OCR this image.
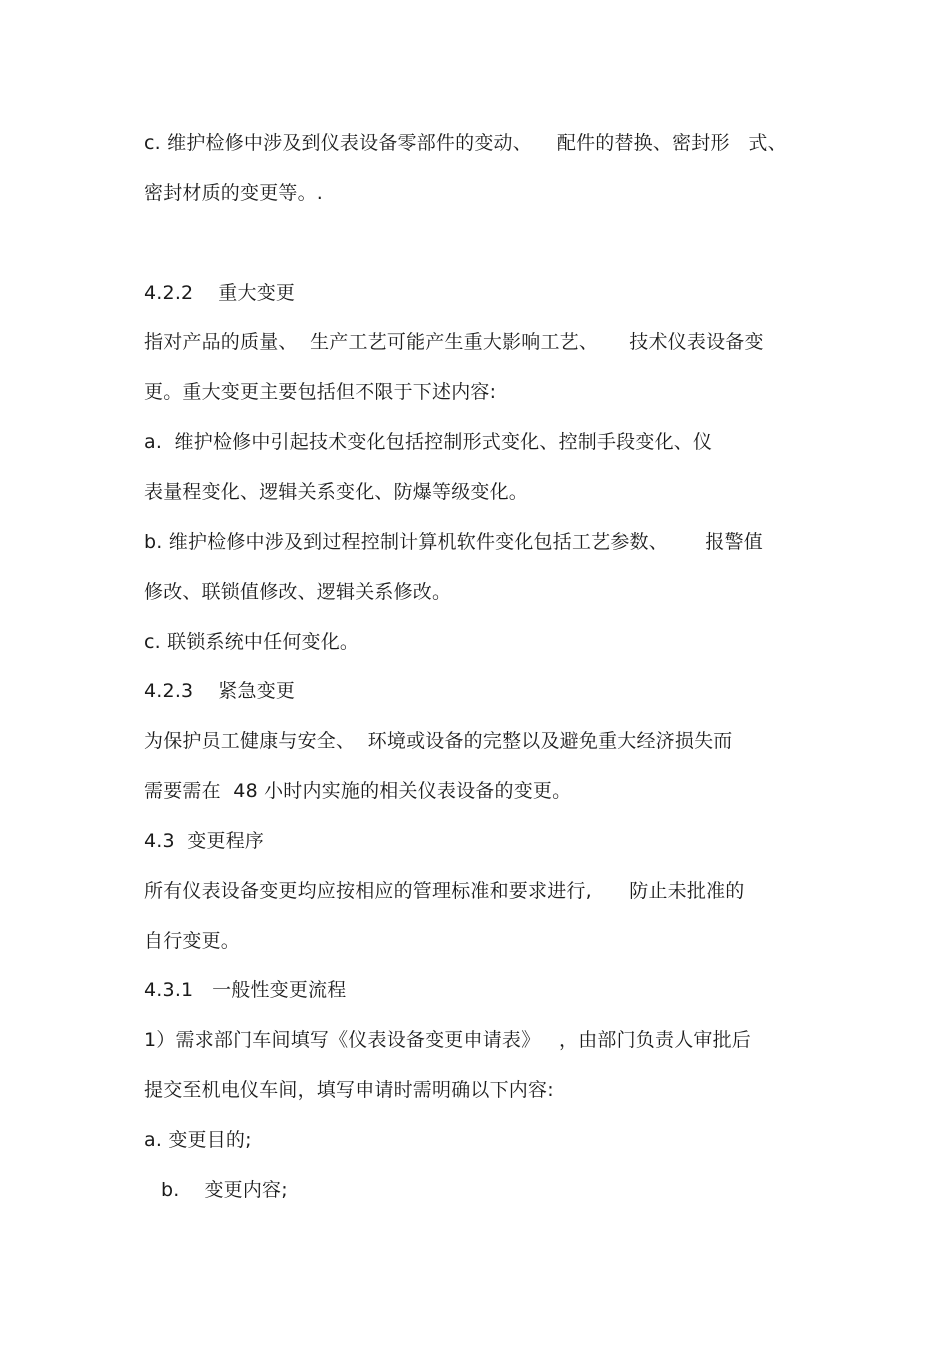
c. 维护检修中涉及到仪表设备零部件的变动、    配件的替换、密封形   式、
密封材质的变更等。.
4.2.2    重大变更
指对产品的质量、  生产工艺可能产生重大影响工艺、     技术仪表设备变
更。重大变更主要包括但不限于下述内容:
a.  维护检修中引起技术变化包括控制形式变化、控制手段变化、仪
表量程变化、逻辑关系变化、防爆等级变化。
b. 维护检修中涉及到过程控制计算机软件变化包括工艺参数、      报警值
修改、联锁值修改、逻辑关系修改。
c. 联锁系统中任何变化。
4.2.3    紧急变更
为保护员工健康与安全、  环境或设备的完整以及避免重大经济损失而
需要需在  48 小时内实施的相关仪表设备的变更。
4.3  变更程序
所有仪表设备变更均应按相应的管理标准和要求进行,      防止未批准的
自行变更。
4.3.1   一般性变更流程
1）需求部门车间填写《仪表设备变更申请表》   ，由部门负责人审批后
提交至机电仪车间，填写申请时需明确以下内容:
a. 变更目的;
b.    变更内容;
